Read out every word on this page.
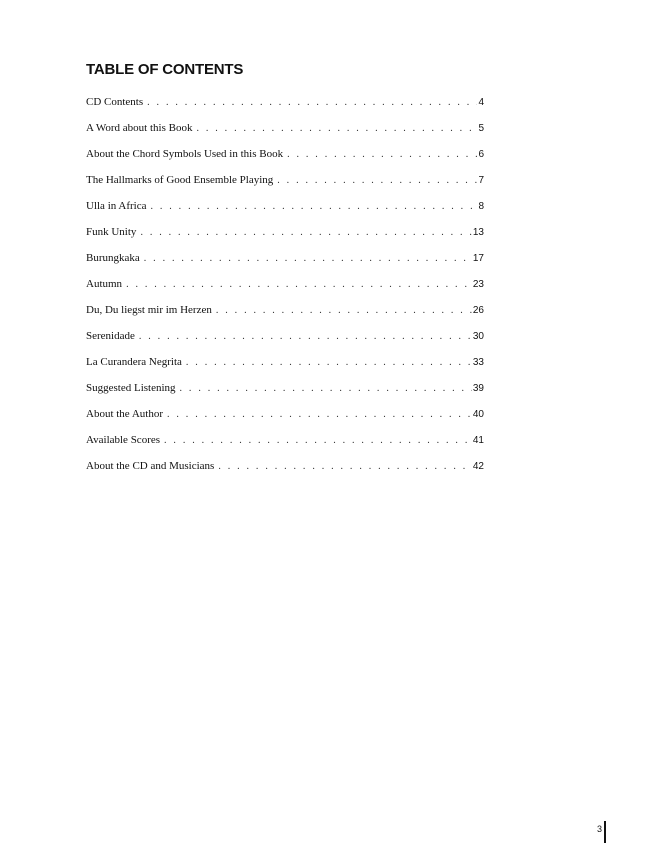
TABLE OF CONTENTS
CD Contents . . .	4
A Word about this Book . . .	5
About the Chord Symbols Used in this Book . . .	6
The Hallmarks of Good Ensemble Playing . . .	7
Ulla in Africa . . .	8
Funk Unity . . .	13
Burungkaka . . .	17
Autumn . . .	23
Du, Du liegst mir im Herzen . . .	26
Serenidade . . .	30
La Curandera Negrita . . .	33
Suggested Listening . . .	39
About the Author . . .	40
Available Scores . . .	41
About the CD and Musicians . . .	42
3
